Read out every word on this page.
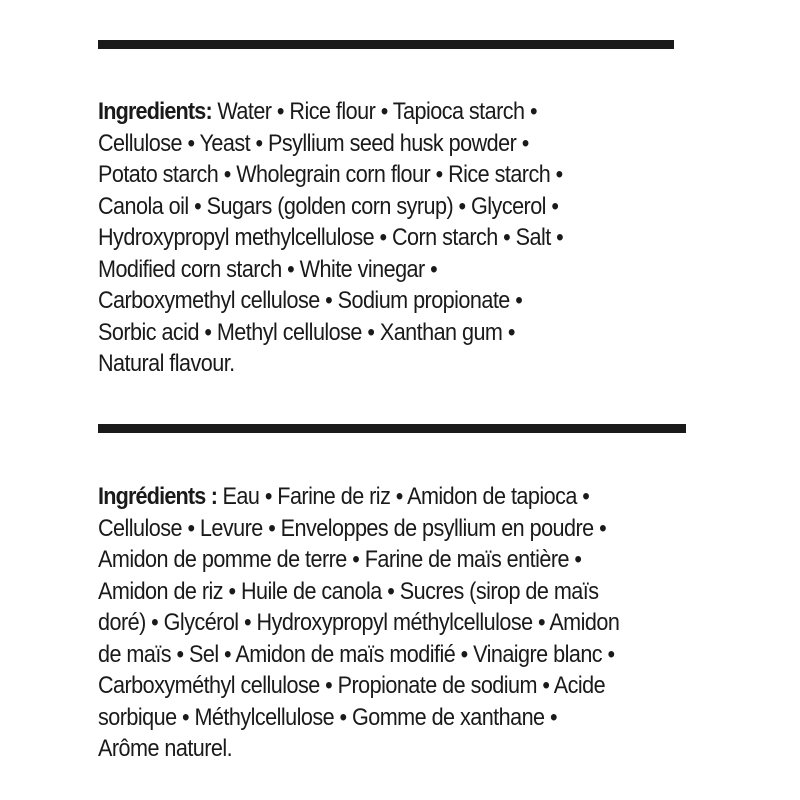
Ingredients: Water • Rice flour • Tapioca starch •
Cellulose • Yeast • Psyllium seed husk powder •
Potato starch • Wholegrain corn flour • Rice starch •
Canola oil • Sugars (golden corn syrup) • Glycerol •
Hydroxypropyl methylcellulose • Corn starch • Salt •
Modified corn starch • White vinegar •
Carboxymethyl cellulose • Sodium propionate •
Sorbic acid • Methyl cellulose • Xanthan gum •
Natural flavour.
Ingrédients : Eau • Farine de riz • Amidon de tapioca •
Cellulose • Levure • Enveloppes de psyllium en poudre •
Amidon de pomme de terre • Farine de maïs entière •
Amidon de riz • Huile de canola • Sucres (sirop de maïs
doré) • Glycérol • Hydroxypropyl méthylcellulose • Amidon
de maïs • Sel • Amidon de maïs modifié • Vinaigre blanc •
Carboxyméthyl cellulose • Propionate de sodium • Acide
sorbique • Méthylcellulose • Gomme de xanthane •
Arôme naturel.
